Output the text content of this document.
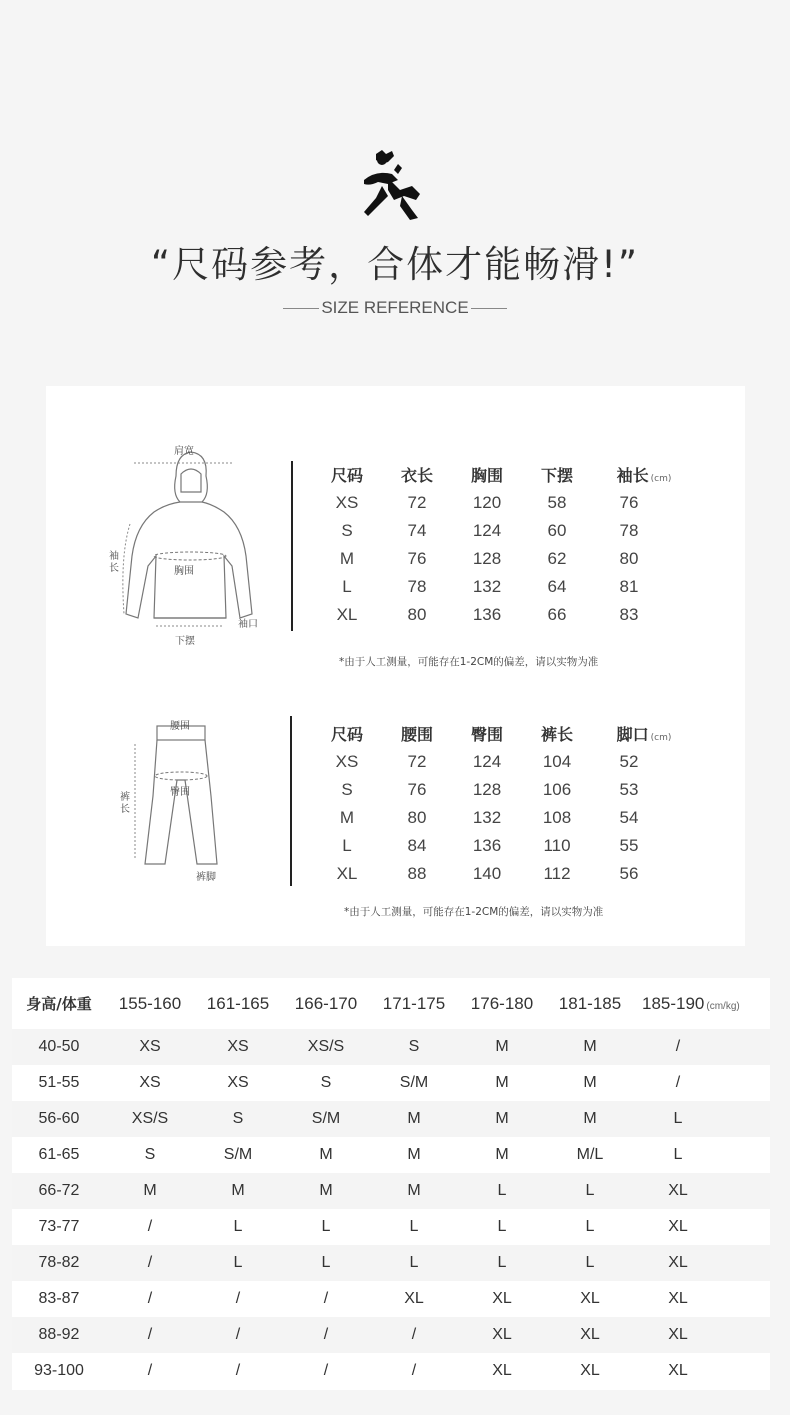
“尺码参考，合体才能畅滑!”
SIZE REFERENCE
肩宽
袖长	胸围
下摆
袖口
尺码	衣长	胸围	下摆	袖长 (cm)
XS	72	120	58	76
S	74	124	60	78
M	76	128	62	80
L	78	132	64	81
XL	80	136	66	83
*由于人工测量，可能存在1-2CM的偏差，请以实物为准
腰围
臀围
裤长
裤脚
尺码	腰围	臀围	裤长	脚口 (cm)
XS	72	124	104	52
S	76	128	106	53
M	80	132	108	54
L	84	136	110	55
XL	88	140	112	56
*由于人工测量，可能存在1-2CM的偏差，请以实物为准
身高/体重	155-160	161-165	166-170	171-175	176-180	181-185	185-190 (cm/kg)
40-50	XS	XS	XS/S	S	M	M	/
51-55	XS	XS	S	S/M	M	M	/
56-60	XS/S	S	S/M	M	M	M	L
61-65	S	S/M	M	M	M	M/L	L
66-72	M	M	M	M	L	L	XL
73-77	/	L	L	L	L	L	XL
78-82	/	L	L	L	L	L	XL
83-87	/	/	/	XL	XL	XL	XL
88-92	/	/	/	/	XL	XL	XL
93-100	/	/	/	/	XL	XL	XL
